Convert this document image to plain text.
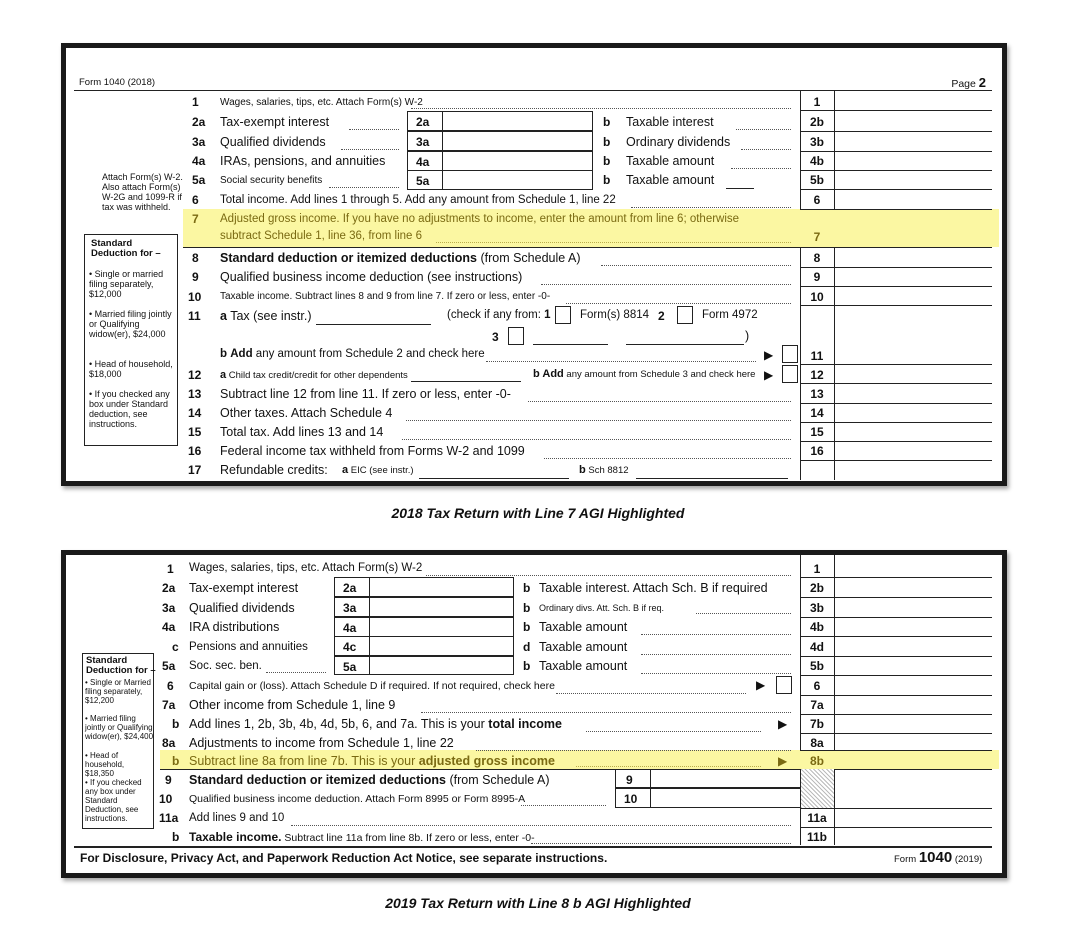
Form 1040 (2018)	Page 2
Attach Form(s) W-2. Also attach Form(s) W-2G and 1099-R if tax was withheld.
Standard Deduction for –
• Single or married filing separately, $12,000
• Married filing jointly or Qualifying widow(er), $24,000
• Head of household, $18,000
• If you checked any box under Standard deduction, see instructions.
1 Wages, salaries, tips, etc. Attach Form(s) W-2	1
2a Tax-exempt interest	2a	b Taxable interest	2b
3a Qualified dividends	3a	b Ordinary dividends	3b
4a IRAs, pensions, and annuities	4a	b Taxable amount	4b
5a Social security benefits	5a	b Taxable amount	5b
6 Total income. Add lines 1 through 5. Add any amount from Schedule 1, line 22	6
7 Adjusted gross income. If you have no adjustments to income, enter the amount from line 6; otherwise
subtract Schedule 1, line 36, from line 6	7
8 Standard deduction or itemized deductions (from Schedule A)	8
9 Qualified business income deduction (see instructions)	9
10 Taxable income. Subtract lines 8 and 9 from line 7. If zero or less, enter -0-	10
11 a Tax (see instr.)	(check if any from: 1	Form(s) 8814 2	Form 4972
3	)
b Add any amount from Schedule 2 and check here	▶	11
12 a Child tax credit/credit for other dependents	b Add any amount from Schedule 3 and check here ▶	12
13 Subtract line 12 from line 11. If zero or less, enter -0-	13
14 Other taxes. Attach Schedule 4	14
15 Total tax. Add lines 13 and 14	15
16 Federal income tax withheld from Forms W-2 and 1099	16
17 Refundable credits: a EIC (see instr.)	b Sch 8812
2018 Tax Return with Line 7 AGI Highlighted
Standard Deduction for –
• Single or Married filing separately, $12,200
• Married filing jointly or Qualifying widow(er), $24,400
• Head of household, $18,350
• If you checked any box under Standard Deduction, see instructions.
1 Wages, salaries, tips, etc. Attach Form(s) W-2	1
2a Tax-exempt interest	2a	b Taxable interest. Attach Sch. B if required	2b
3a Qualified dividends	3a	b Ordinary divs. Att. Sch. B if req.	3b
4a IRA distributions	4a	b Taxable amount	4b
c Pensions and annuities	4c	d Taxable amount	4d
5a Soc. sec. ben.	5a	b Taxable amount	5b
6 Capital gain or (loss). Attach Schedule D if required. If not required, check here	▶	6
7a Other income from Schedule 1, line 9	7a
b Add lines 1, 2b, 3b, 4b, 4d, 5b, 6, and 7a. This is your total income	▶	7b
8a Adjustments to income from Schedule 1, line 22	8a
b Subtract line 8a from line 7b. This is your adjusted gross income	▶	8b
9 Standard deduction or itemized deductions (from Schedule A)	9
10 Qualified business income deduction. Attach Form 8995 or Form 8995-A	10
11a Add lines 9 and 10	11a
b Taxable income. Subtract line 11a from line 8b. If zero or less, enter -0-	11b
For Disclosure, Privacy Act, and Paperwork Reduction Act Notice, see separate instructions.	Form 1040 (2019)
2019 Tax Return with Line 8 b AGI Highlighted
